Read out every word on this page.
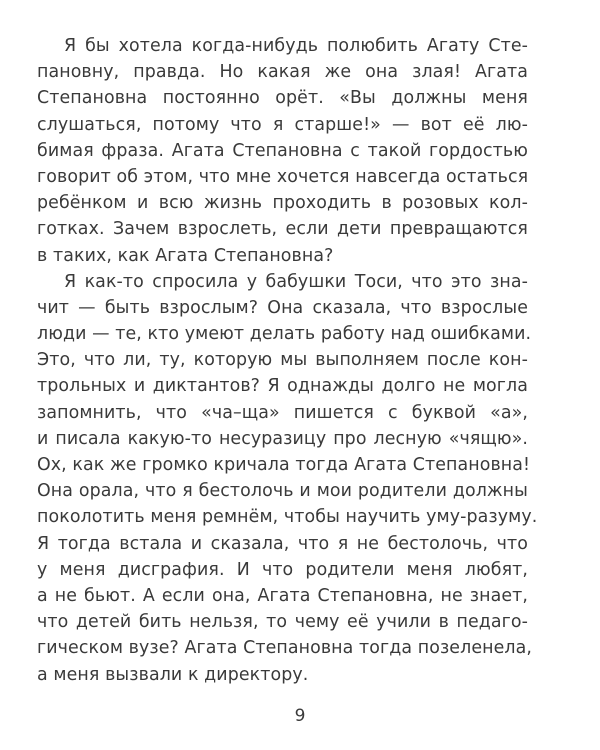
Я бы хотела когда-нибудь полюбить Агату Сте-
пановну, правда. Но какая же она злая! Агата
Степановна постоянно орёт. «Вы должны меня
слушаться, потому что я старше!» — вот её лю-
бимая фраза. Агата Степановна с такой гордостью
говорит об этом, что мне хочется навсегда остаться
ребёнком и всю жизнь проходить в розовых кол-
готках. Зачем взрослеть, если дети превращаются
в таких, как Агата Степановна?
Я как-то спросила у бабушки Тоси, что это зна-
чит — быть взрослым? Она сказала, что взрослые
люди — те, кто умеют делать работу над ошибками.
Это, что ли, ту, которую мы выполняем после кон-
трольных и диктантов? Я однажды долго не могла
запомнить, что «ча–ща» пишется с буквой «а»,
и писала какую-то несуразицу про лесную «чящю».
Ох, как же громко кричала тогда Агата Степановна!
Она орала, что я бестолочь и мои родители должны
поколотить меня ремнём, чтобы научить уму-разуму.
Я тогда встала и сказала, что я не бестолочь, что
у меня дисграфия. И что родители меня любят,
а не бьют. А если она, Агата Степановна, не знает,
что детей бить нельзя, то чему её учили в педаго-
гическом вузе? Агата Степановна тогда позеленела,
а меня вызвали к директору.
9
